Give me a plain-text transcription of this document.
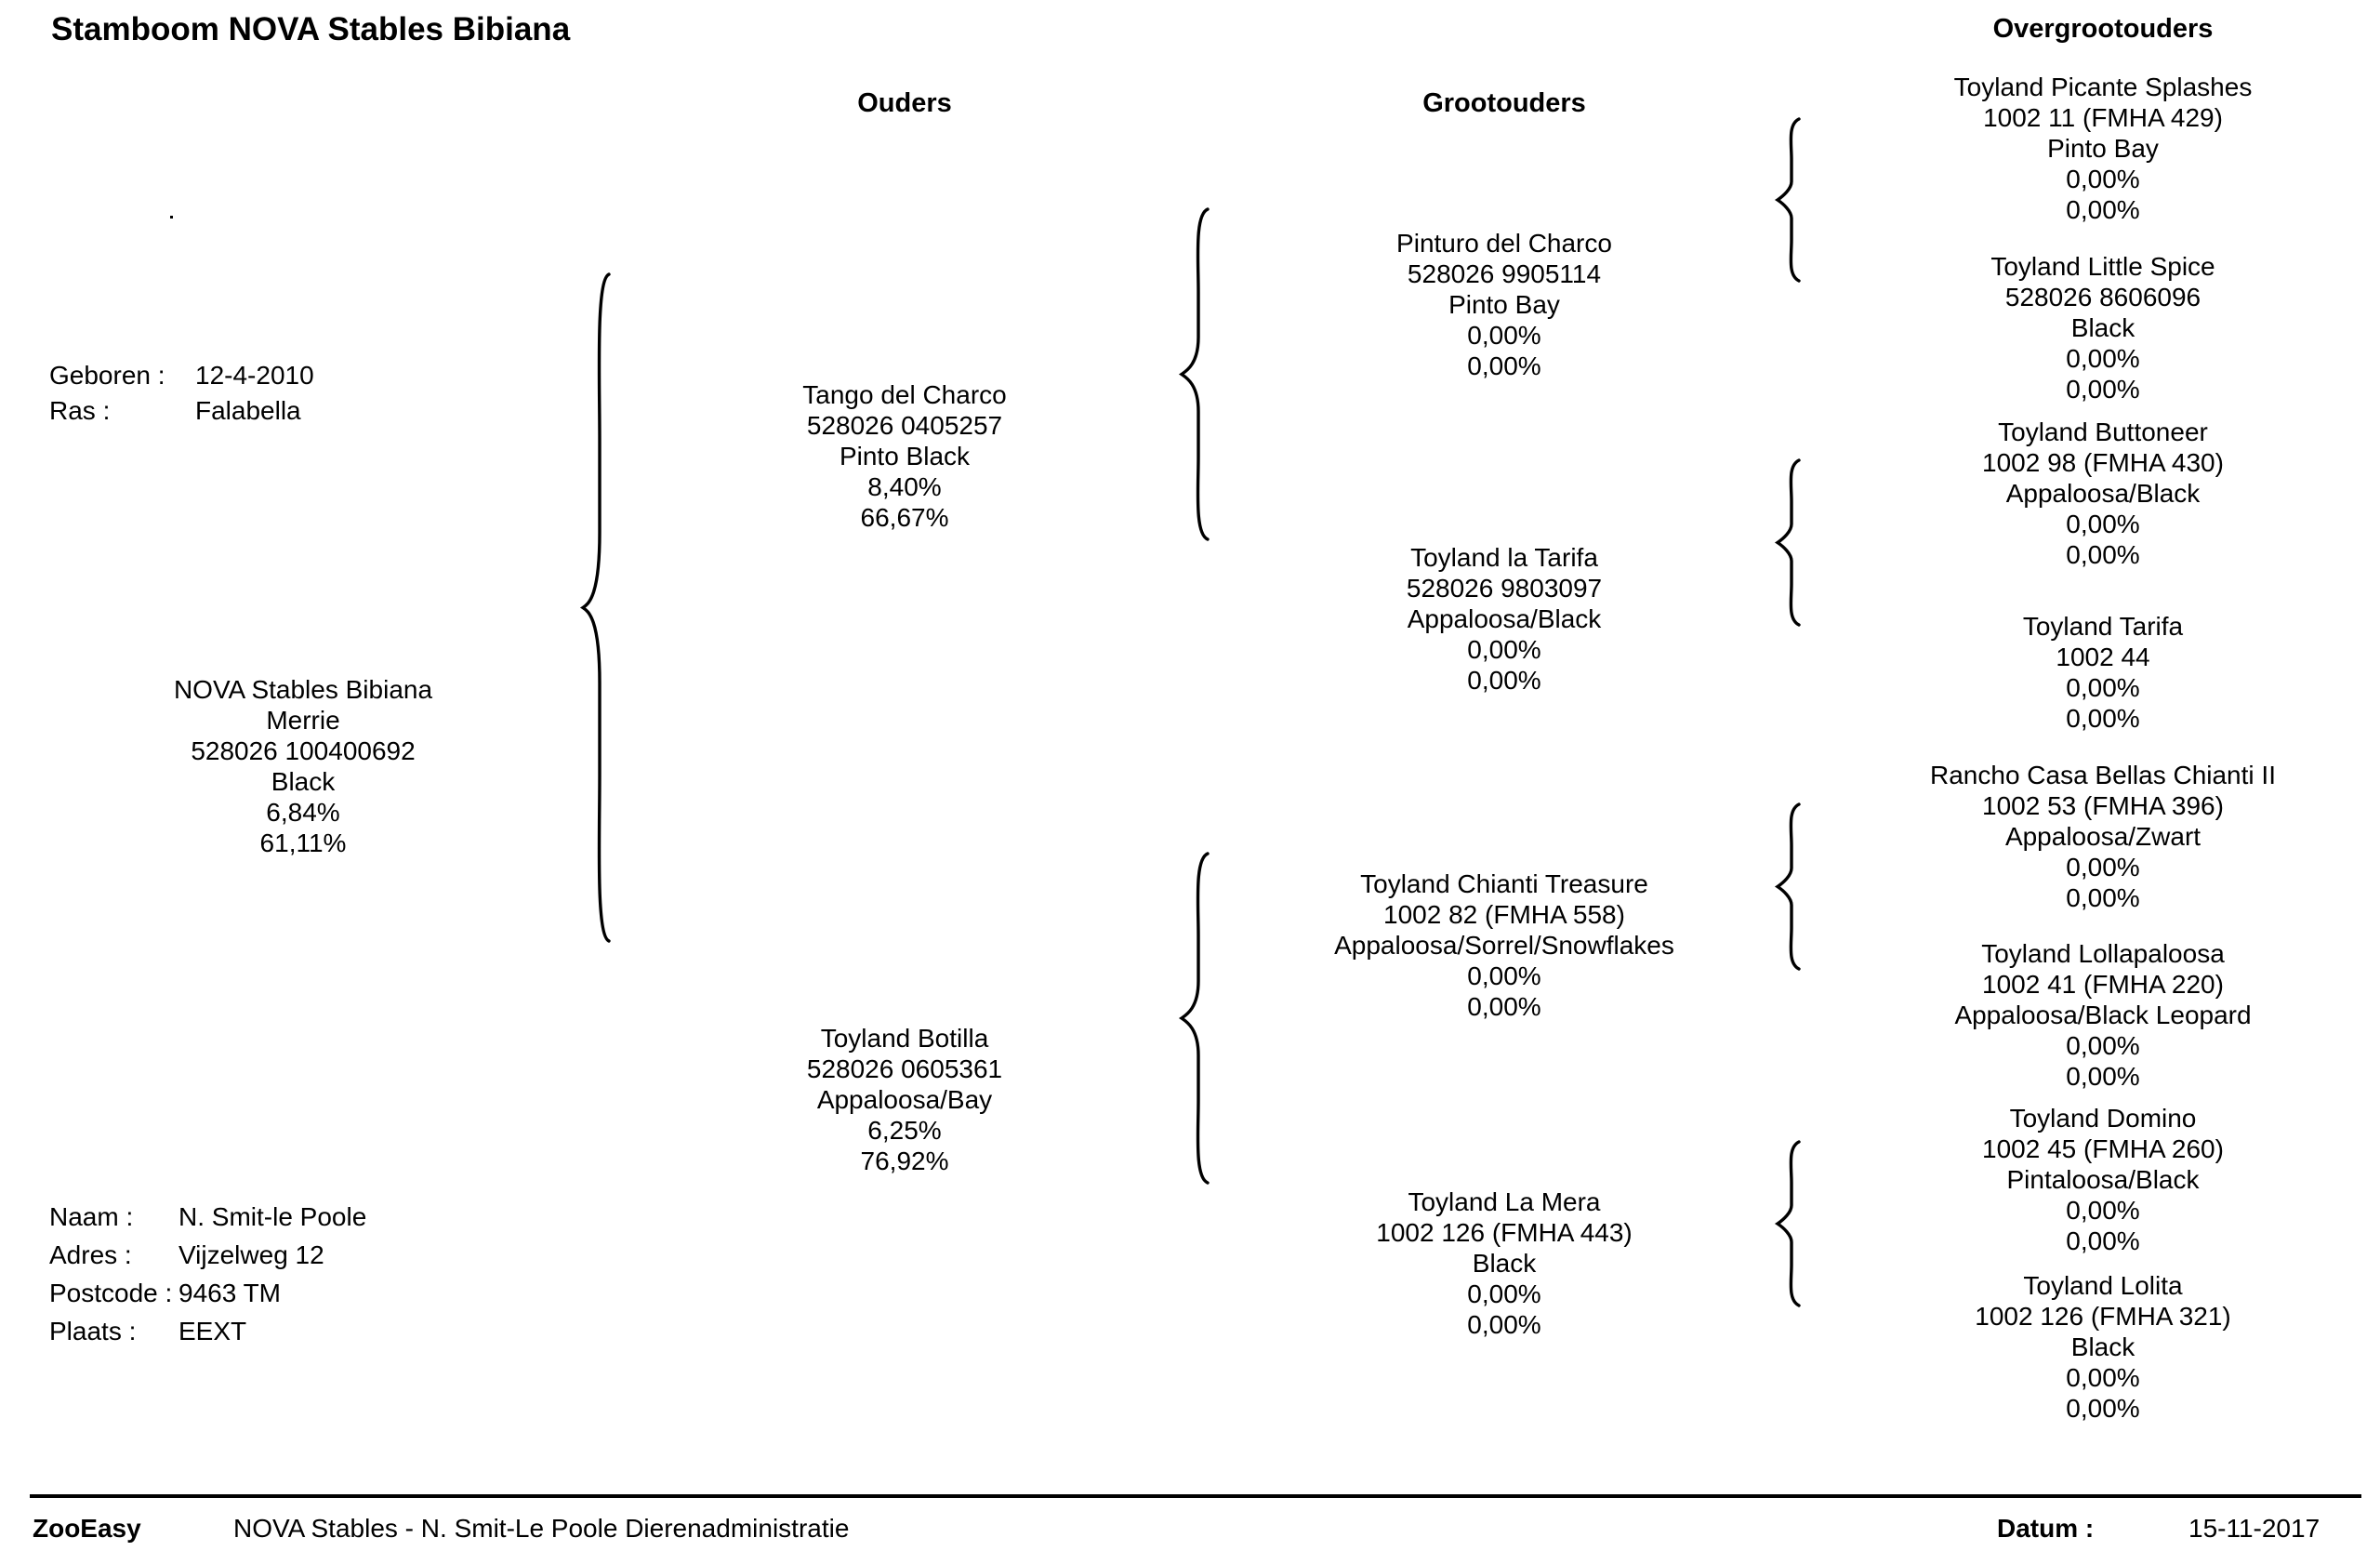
Stamboom NOVA Stables Bibiana
Ouders	Grootouders
Overgrootouders
Geboren : 12-4-2010
Ras :	Falabella
NOVA Stables Bibiana
Merrie
528026 100400692
Black
6,84%
61,11%
Naam : N. Smit-le Poole
Adres : Vijzelweg 12
Postcode : 9463 TM
Plaats : EEXT
Tango del Charco
528026 0405257
Pinto Black
8,40%
66,67%
Toyland Botilla
528026 0605361
Appaloosa/Bay
6,25%
76,92%
Pinturo del Charco
528026 9905114
Pinto Bay
0,00%
0,00%
Toyland la Tarifa
528026 9803097
Appaloosa/Black
0,00%
0,00%
Toyland Chianti Treasure
1002 82 (FMHA 558)
Appaloosa/Sorrel/Snowflakes
0,00%
0,00%
Toyland La Mera
1002 126 (FMHA 443)
Black
0,00%
0,00%
Toyland Picante Splashes
1002 11 (FMHA 429)
Pinto Bay
0,00%
0,00%
Toyland Little Spice
528026 8606096
Black
0,00%
0,00%
Toyland Buttoneer
1002 98 (FMHA 430)
Appaloosa/Black
0,00%
0,00%
Toyland Tarifa
1002 44
0,00%
0,00%
Rancho Casa Bellas Chianti II
1002 53 (FMHA 396)
Appaloosa/Zwart
0,00%
0,00%
Toyland Lollapaloosa
1002 41 (FMHA 220)
Appaloosa/Black Leopard
0,00%
0,00%
Toyland Domino
1002 45 (FMHA 260)
Pintaloosa/Black
0,00%
0,00%
Toyland Lolita
1002 126 (FMHA 321)
Black
0,00%
0,00%
ZooEasy	NOVA Stables - N. Smit-Le Poole Dierenadministratie	Datum :	15-11-2017
